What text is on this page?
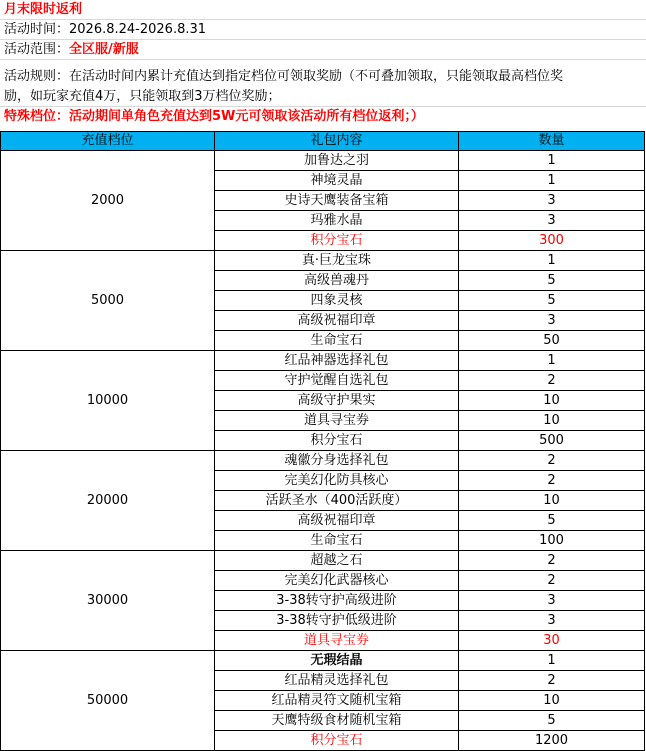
月末限时返利
活动时间：2026.8.24-2026.8.31
活动范围：全区服/新服
活动规则：在活动时间内累计充值达到指定档位可领取奖励（不可叠加领取，只能领取最高档位奖
励，如玩家充值4万，只能领取到3万档位奖励；
特殊档位：活动期间单角色充值达到5W元可领取该活动所有档位返利；）
充值档位	礼包内容	数量
2000	加鲁达之羽	1
	神境灵晶	1
	史诗天鹰装备宝箱	3
	玛雅水晶	3
	积分宝石	300
5000	真·巨龙宝珠	1
	高级兽魂丹	5
	四象灵核	5
	高级祝福印章	3
	生命宝石	50
10000	红品神器选择礼包	1
	守护觉醒自选礼包	2
	高级守护果实	10
	道具寻宝券	10
	积分宝石	500
20000	魂徽分身选择礼包	2
	完美幻化防具核心	2
	活跃圣水（400活跃度）	10
	高级祝福印章	5
	生命宝石	100
30000	超越之石	2
	完美幻化武器核心	2
	3-38转守护高级进阶	3
	3-38转守护低级进阶	3
	道具寻宝券	30
50000	无瑕结晶	1
	红品精灵选择礼包	2
	红品精灵符文随机宝箱	10
	天鹰特级食材随机宝箱	5
	积分宝石	1200
